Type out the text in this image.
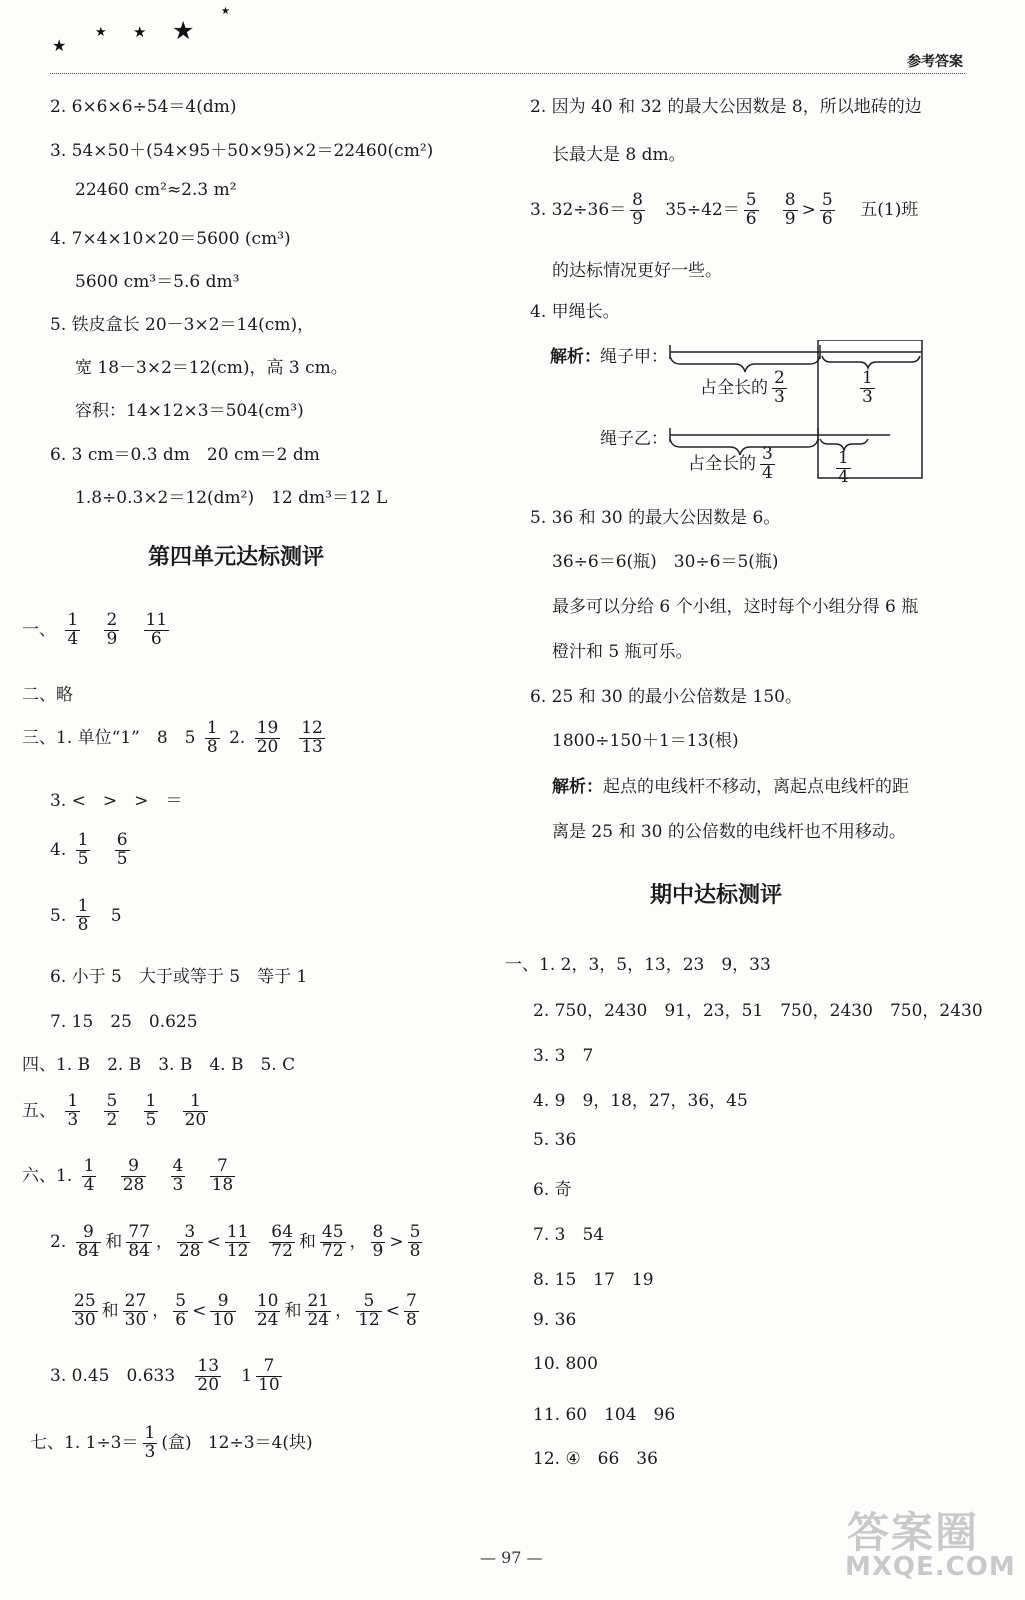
★
★ ★ ★
★
参考答案
2. 6×6×6÷54＝4(dm)
3. 54×50＋(54×95＋50×95)×2＝22460(cm²)
22460 cm²≈2.3 m²
4. 7×4×10×20＝5600 (cm³)
5600 cm³＝5.6 dm³
5. 铁皮盒长 20－3×2＝14(cm)，
宽 18－3×2＝12(cm)，高 3 cm。
容积：14×12×3＝504(cm³)
6. 3 cm＝0.3 dm　20 cm＝2 dm
1.8÷0.3×2＝12(dm²)　12 dm³＝12 L
第四单元达标测评
一、 $\frac{1}{4}$
$\frac{2}{9}$
$\frac{11}{6}$
二、略
三、1. 单位“1”　8　$5 \frac{1}{8} 2$. $\frac{19}{20}$
$\frac{12}{13}$
3. <　>　>　＝
4. $\frac{1}{5}$
$\frac{6}{5}$
5. $\frac{1}{8} 5$
6. 小于 5　大于或等于 5　等于 1
7. 15　25　0.625
四、1. B　2. B　3. B　4. B　5. C
五、 $\frac{1}{3}$
$\frac{5}{2}$
$\frac{1}{5}$
$\frac{1}{20}$
六、1. $\frac{1}{4}$
$\frac{9}{28}$
$\frac{4}{3}$
$\frac{7}{18}$
2. $\frac{9}{84}$ 和 $\frac{77}{84}$ ， $\frac{3}{28} < \frac{11}{12}$
$\frac{64}{72}$ 和 $\frac{45}{72}$ ， $\frac{8}{9} > \frac{5}{8}$
$\frac{25}{30}$ 和 $\frac{27}{30}$ ， $\frac{5}{6} < \frac{9}{10}$
$\frac{10}{24}$ 和 $\frac{21}{24}$ ， $\frac{5}{12} < \frac{7}{8}$
3. 0.45　$0.633 \frac{13}{20} 1 \frac{7}{10}$
七、1. $1\div 3= \frac{1}{3}$ (盒) 12÷3＝4(块)
2. 因为 40 和 32 的最大公因数是 8，所以地砖的边
长最大是 8 dm。
3. $32\div 36= \frac{8}{9} 35\div 42= \frac{5}{6}$
$\frac{8}{9} > \frac{5}{6}$ 五(1)班
的达标情况更好一些。
4. 甲绳长。
解析： 绳子甲：
占全长的 $\frac{2}{3}$	$\frac{1}{3}$
绳子乙：
占全长的 $\frac{3}{4}$	$\frac{1}{4}$
5. 36 和 30 的最大公因数是 6。
36÷6＝6(瓶)　30÷6＝5(瓶)
最多可以分给 6 个小组，这时每个小组分得 6 瓶
橙汁和 5 瓶可乐。
6. 25 和 30 的最小公倍数是 150。
1800÷150＋1＝13(根)
解析：起点的电线杆不移动，离起点电线杆的距
离是 25 和 30 的公倍数的电线杆也不用移动。
期中达标测评
一、1. 2，3，5，13，23　9，33
2. 750，2430　91，23，51　750，2430　750，2430
3. 3　7
4. 9　9，18，27，36，45
5. 36
6. 奇
7. 3　54
8. 15　17　19
9. 36
10. 800
11. 60　104　96
12. ④　66　36
— 97 —
答案圈
MXQE.COM
